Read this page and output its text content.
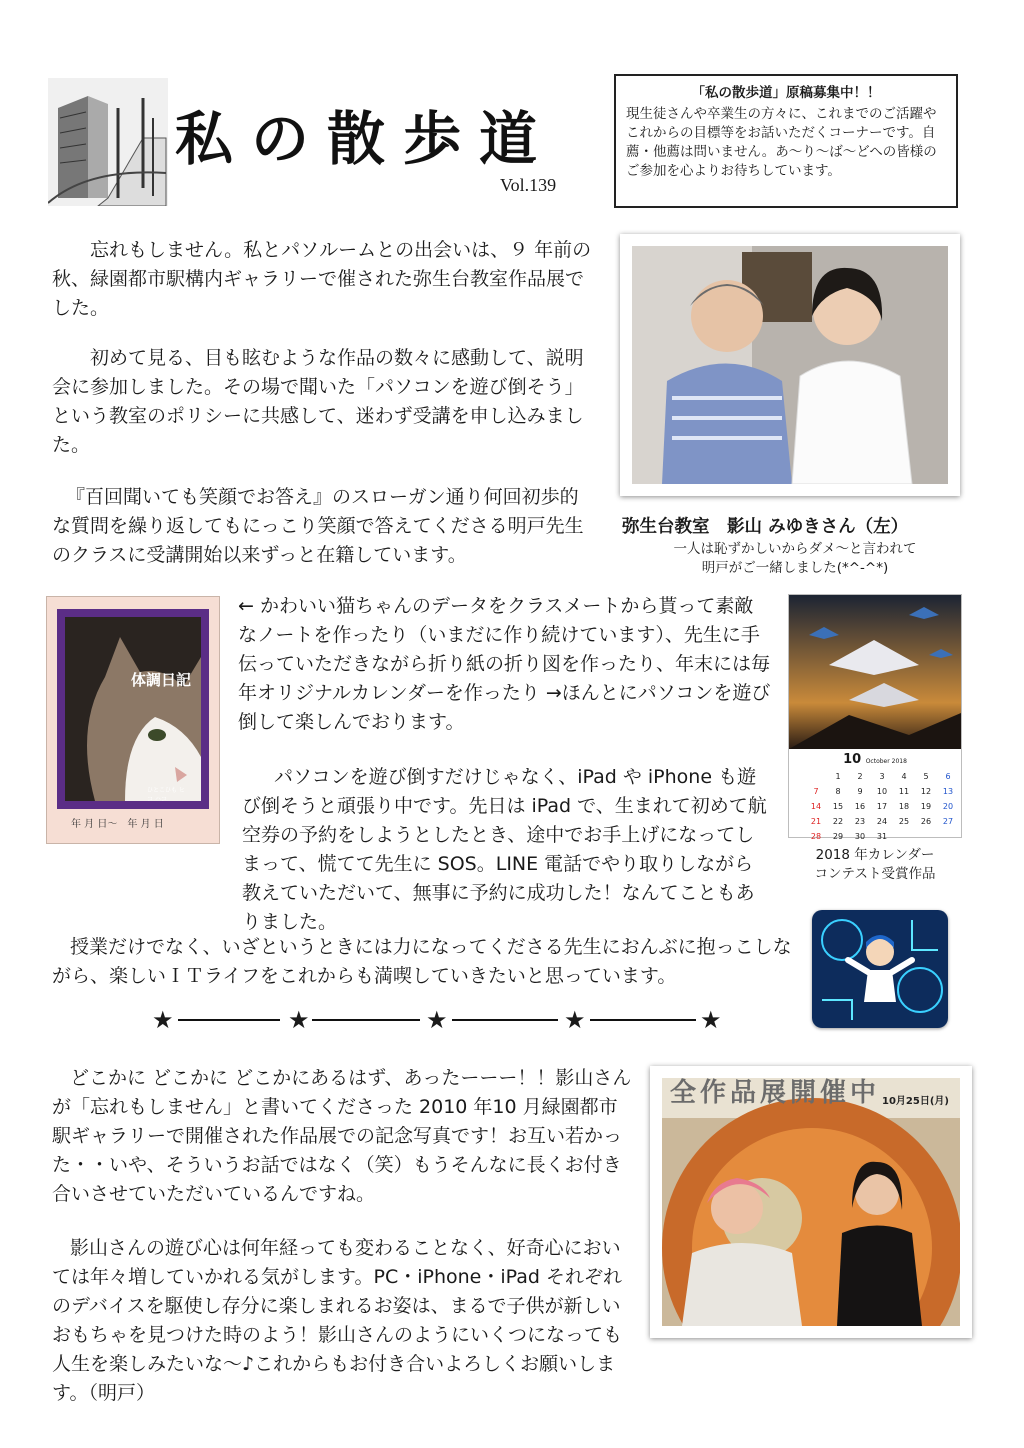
私の散歩道
Vol.139
「私の散歩道」原稿募集中！！
現生徒さんや卒業生の方々に、これまでのご活躍やこれからの目標等をお話いただくコーナーです。自薦・他薦は問いません。あ〜り〜ば〜どへの皆様のご参加を心よりお待ちしています。
忘れもしません。私とパソルームとの出会いは、９ 年前の秋、緑園都市駅構内ギャラリーで催された弥生台教室作品展でした。
初めて見る、目も眩むような作品の数々に感動して、説明会に参加しました。その場で聞いた「パソコンを遊び倒そう」という教室のポリシーに共感して、迷わず受講を申し込みました。
『百回聞いても笑顔でお答え』のスローガン通り何回初歩的な質問を繰り返してもにっこり笑顔で答えてくださる明戸先生のクラスに受講開始以来ずっと在籍しています。
弥生台教室　影山 みゆきさん（左）
一人は恥ずかしいからダメ〜と言われて
明戸がご一緒しました(*^-^*)
体調日記
ひとこひも ヒコ ハコ
年 月 日〜　年 月 日
← かわいい猫ちゃんのデータをクラスメートから貰って素敵なノートを作ったり（いまだに作り続けています）、先生に手伝っていただきながら折り紙の折り図を作ったり、年末には毎年オリジナルカレンダーを作ったり →ほんとにパソコンを遊び倒して楽しんでおります。
パソコンを遊び倒すだけじゃなく、iPad や iPhone も遊び倒そうと頑張り中です。先日は iPad で、生まれて初めて航空券の予約をしようとしたとき、途中でお手上げになってしまって、慌てて先生に SOS。LINE 電話でやり取りしながら教えていただいて、無事に予約に成功した！なんてこともありました。
10 October 2018
	1	2	3	4	5	6
7	8	9	10	11	12	13
14	15	16	17	18	19	20
21	22	23	24	25	26	27
28	29	30	31			
2018 年カレンダー
コンテスト受賞作品
授業だけでなく、いざというときには力になってくださる先生におんぶに抱っこしながら、楽しいＩＴライフをこれからも満喫していきたいと思っています。
★	★	★	★	★
どこかに どこかに どこかにあるはず、あったーーー！！影山さんが「忘れもしません」と書いてくださった 2010 年10 月緑園都市駅ギャラリーで開催された作品展での記念写真です！お互い若かった・・いや、そういうお話ではなく（笑）もうそんなに長くお付き合いさせていただいているんですね。
影山さんの遊び心は何年経っても変わることなく、好奇心においては年々増していかれる気がします。PC・iPhone・iPad それぞれのデバイスを駆使し存分に楽しまれるお姿は、まるで子供が新しいおもちゃを見つけた時のよう！影山さんのようにいくつになっても人生を楽しみたいな〜♪これからもお付き合いよろしくお願いします。（明戸）
全作品展開催中 10月25日(月)
